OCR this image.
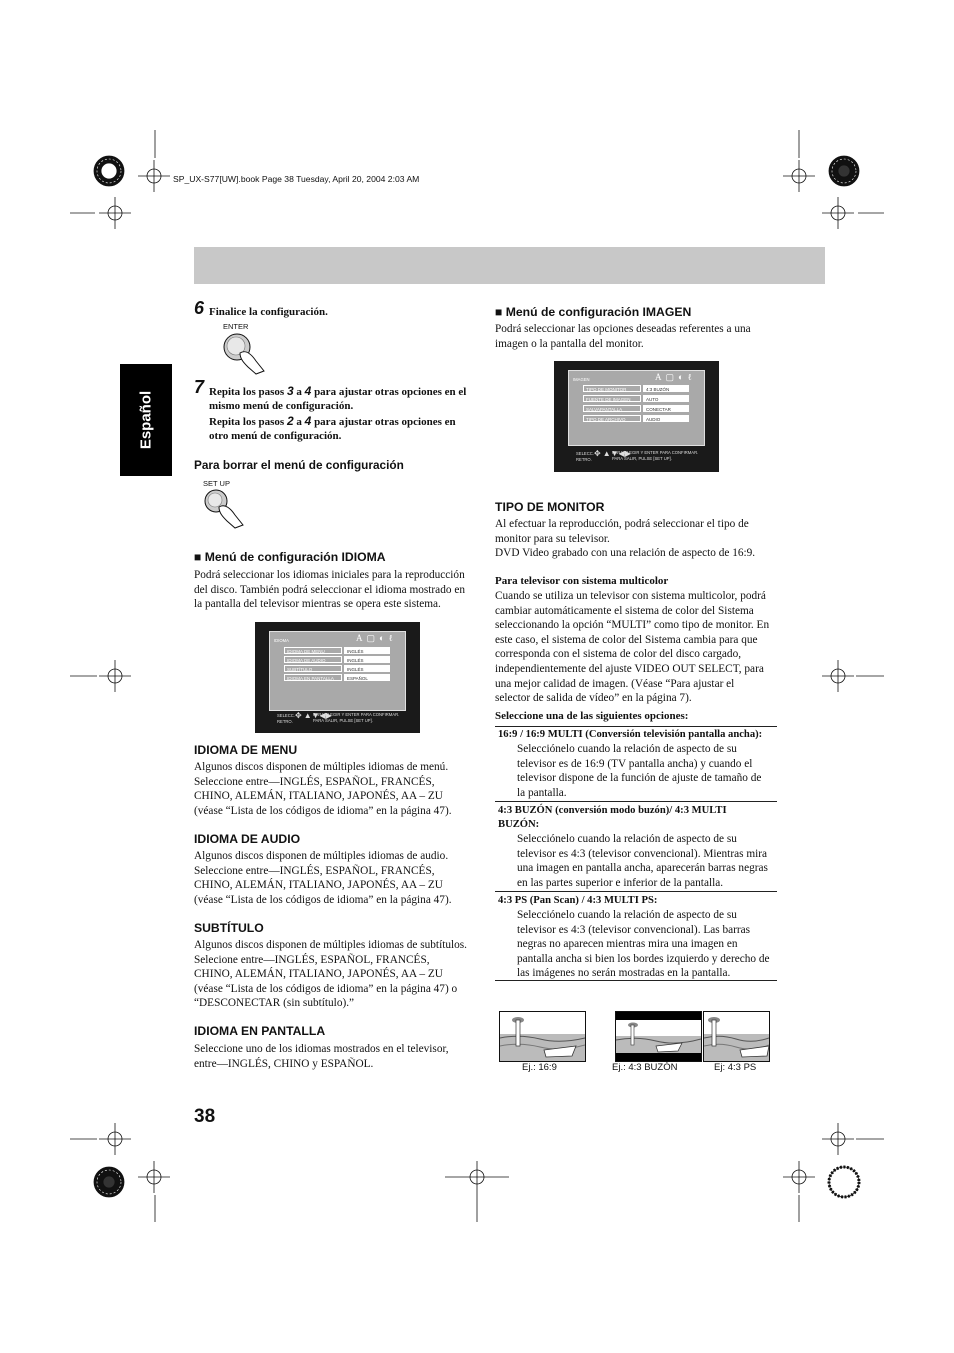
SP_UX-S77[UW].book Page 38 Tuesday, April 20, 2004 2:03 AM
Español
6 Finalice la configuración.
ENTER
7 Repita los pasos 3 a 4 para ajustar otras opciones en el
mismo menú de configuración.
Repita los pasos 2 a 4 para ajustar otras opciones en
otro menú de configuración.
Para borrar el menú de configuración
SET UP
■ Menú de configuración IDIOMA
Podrá seleccionar los idiomas iniciales para la reproducción
del disco. También podrá seleccionar el idioma mostrado en
la pantalla del televisor mientras se opera este sistema.
IDIOMA	A▢◐ℓ
IDIOMA DE MENU	INGLÉS
IDIOMA DE AUDIO	INGLÉS
SUBTÍTULO	INGLÉS
IDIOMA EN PANTALLA	ESPAÑOL
SELECC.
RETRO.
✥ ▲▼◀▶
PARA ELEGIR Y ENTER PARA CONFIRMAR.
PARA SALIR, PULSE [SET UP].
IDIOMA DE MENU
Algunos discos disponen de múltiples idiomas de menú.
Seleccione entre—INGLÉS, ESPAÑOL, FRANCÉS,
CHINO, ALEMÁN, ITALIANO, JAPONÉS, AA – ZU
(véase “Lista de los códigos de idioma” en la página 47).
IDIOMA DE AUDIO
Algunos discos disponen de múltiples idiomas de audio.
Seleccione entre—INGLÉS, ESPAÑOL, FRANCÉS,
CHINO, ALEMÁN, ITALIANO, JAPONÉS, AA – ZU
(véase “Lista de los códigos de idioma” en la página 47).
SUBTÍTULO
Algunos discos disponen de múltiples idiomas de subtítulos.
Selecione entre—INGLÉS, ESPAÑOL, FRANCÉS,
CHINO, ALEMÁN, ITALIANO, JAPONÉS, AA – ZU
(véase “Lista de los códigos de idioma” en la página 47) o
“DESCONECTAR (sin subtítulo).”
IDIOMA EN PANTALLA
Seleccione uno de los idiomas mostrados en el televisor,
entre—INGLÉS, CHINO y ESPAÑOL.
38
■ Menú de configuración IMAGEN
Podrá seleccionar las opciones deseadas referentes a una
imagen o la pantalla del monitor.
IMAGEN	A▢◐ℓ
TIPO DE MONITOR	4:3 BUZÓN
FUENTE DE IMAGEN	AUTO
SALVAPANTALLA	CONECTAR
TIPO DE ARCHIVO	AUDIO
SELECC.
RETRO.
✥ ▲▼◀▶
PARA ELEGIR Y ENTER PARA CONFIRMAR.
PARA SALIR, PULSE [SET UP].
TIPO DE MONITOR
Al efectuar la reproducción, podrá seleccionar el tipo de
monitor para su televisor.
DVD Video grabado con una relación de aspecto de 16:9.
Para televisor con sistema multicolor
Cuando se utiliza un televisor con sistema multicolor, podrá
cambiar automáticamente el sistema de color del Sistema
seleccionando la opción “MULTI” como tipo de monitor. En
este caso, el sistema de color del Sistema cambia para que
corresponda con el sistema de color del disco cargado,
independientemente del ajuste VIDEO OUT SELECT, para
una mejor calidad de imagen. (Véase “Para ajustar el
selector de salida de vídeo” en la página 7).
Seleccione una de las siguientes opciones:
16:9 / 16:9 MULTI (Conversión televisión pantalla ancha):
Selecciónelo cuando la relación de aspecto de su
televisor es de 16:9 (TV pantalla ancha) y cuando el
televisor dispone de la función de ajuste de tamaño de
la pantalla.
4:3 BUZÓN (conversión modo buzón)/ 4:3 MULTI
BUZÓN:
Selecciónelo cuando la relación de aspecto de su
televisor es 4:3 (televisor convencional). Mientras mira
una imagen en pantalla ancha, aparecerán barras negras
en las partes superior e inferior de la pantalla.
4:3 PS (Pan Scan) / 4:3 MULTI PS:
Selecciónelo cuando la relación de aspecto de su
televisor es 4:3 (televisor convencional). Las barras
negras no aparecen mientras mira una imagen en
pantalla ancha si bien los bordes izquierdo y derecho de
las imágenes no serán mostradas en la pantalla.
Ej.: 16:9	Ej.: 4:3 BUZÓN	Ej: 4:3 PS
